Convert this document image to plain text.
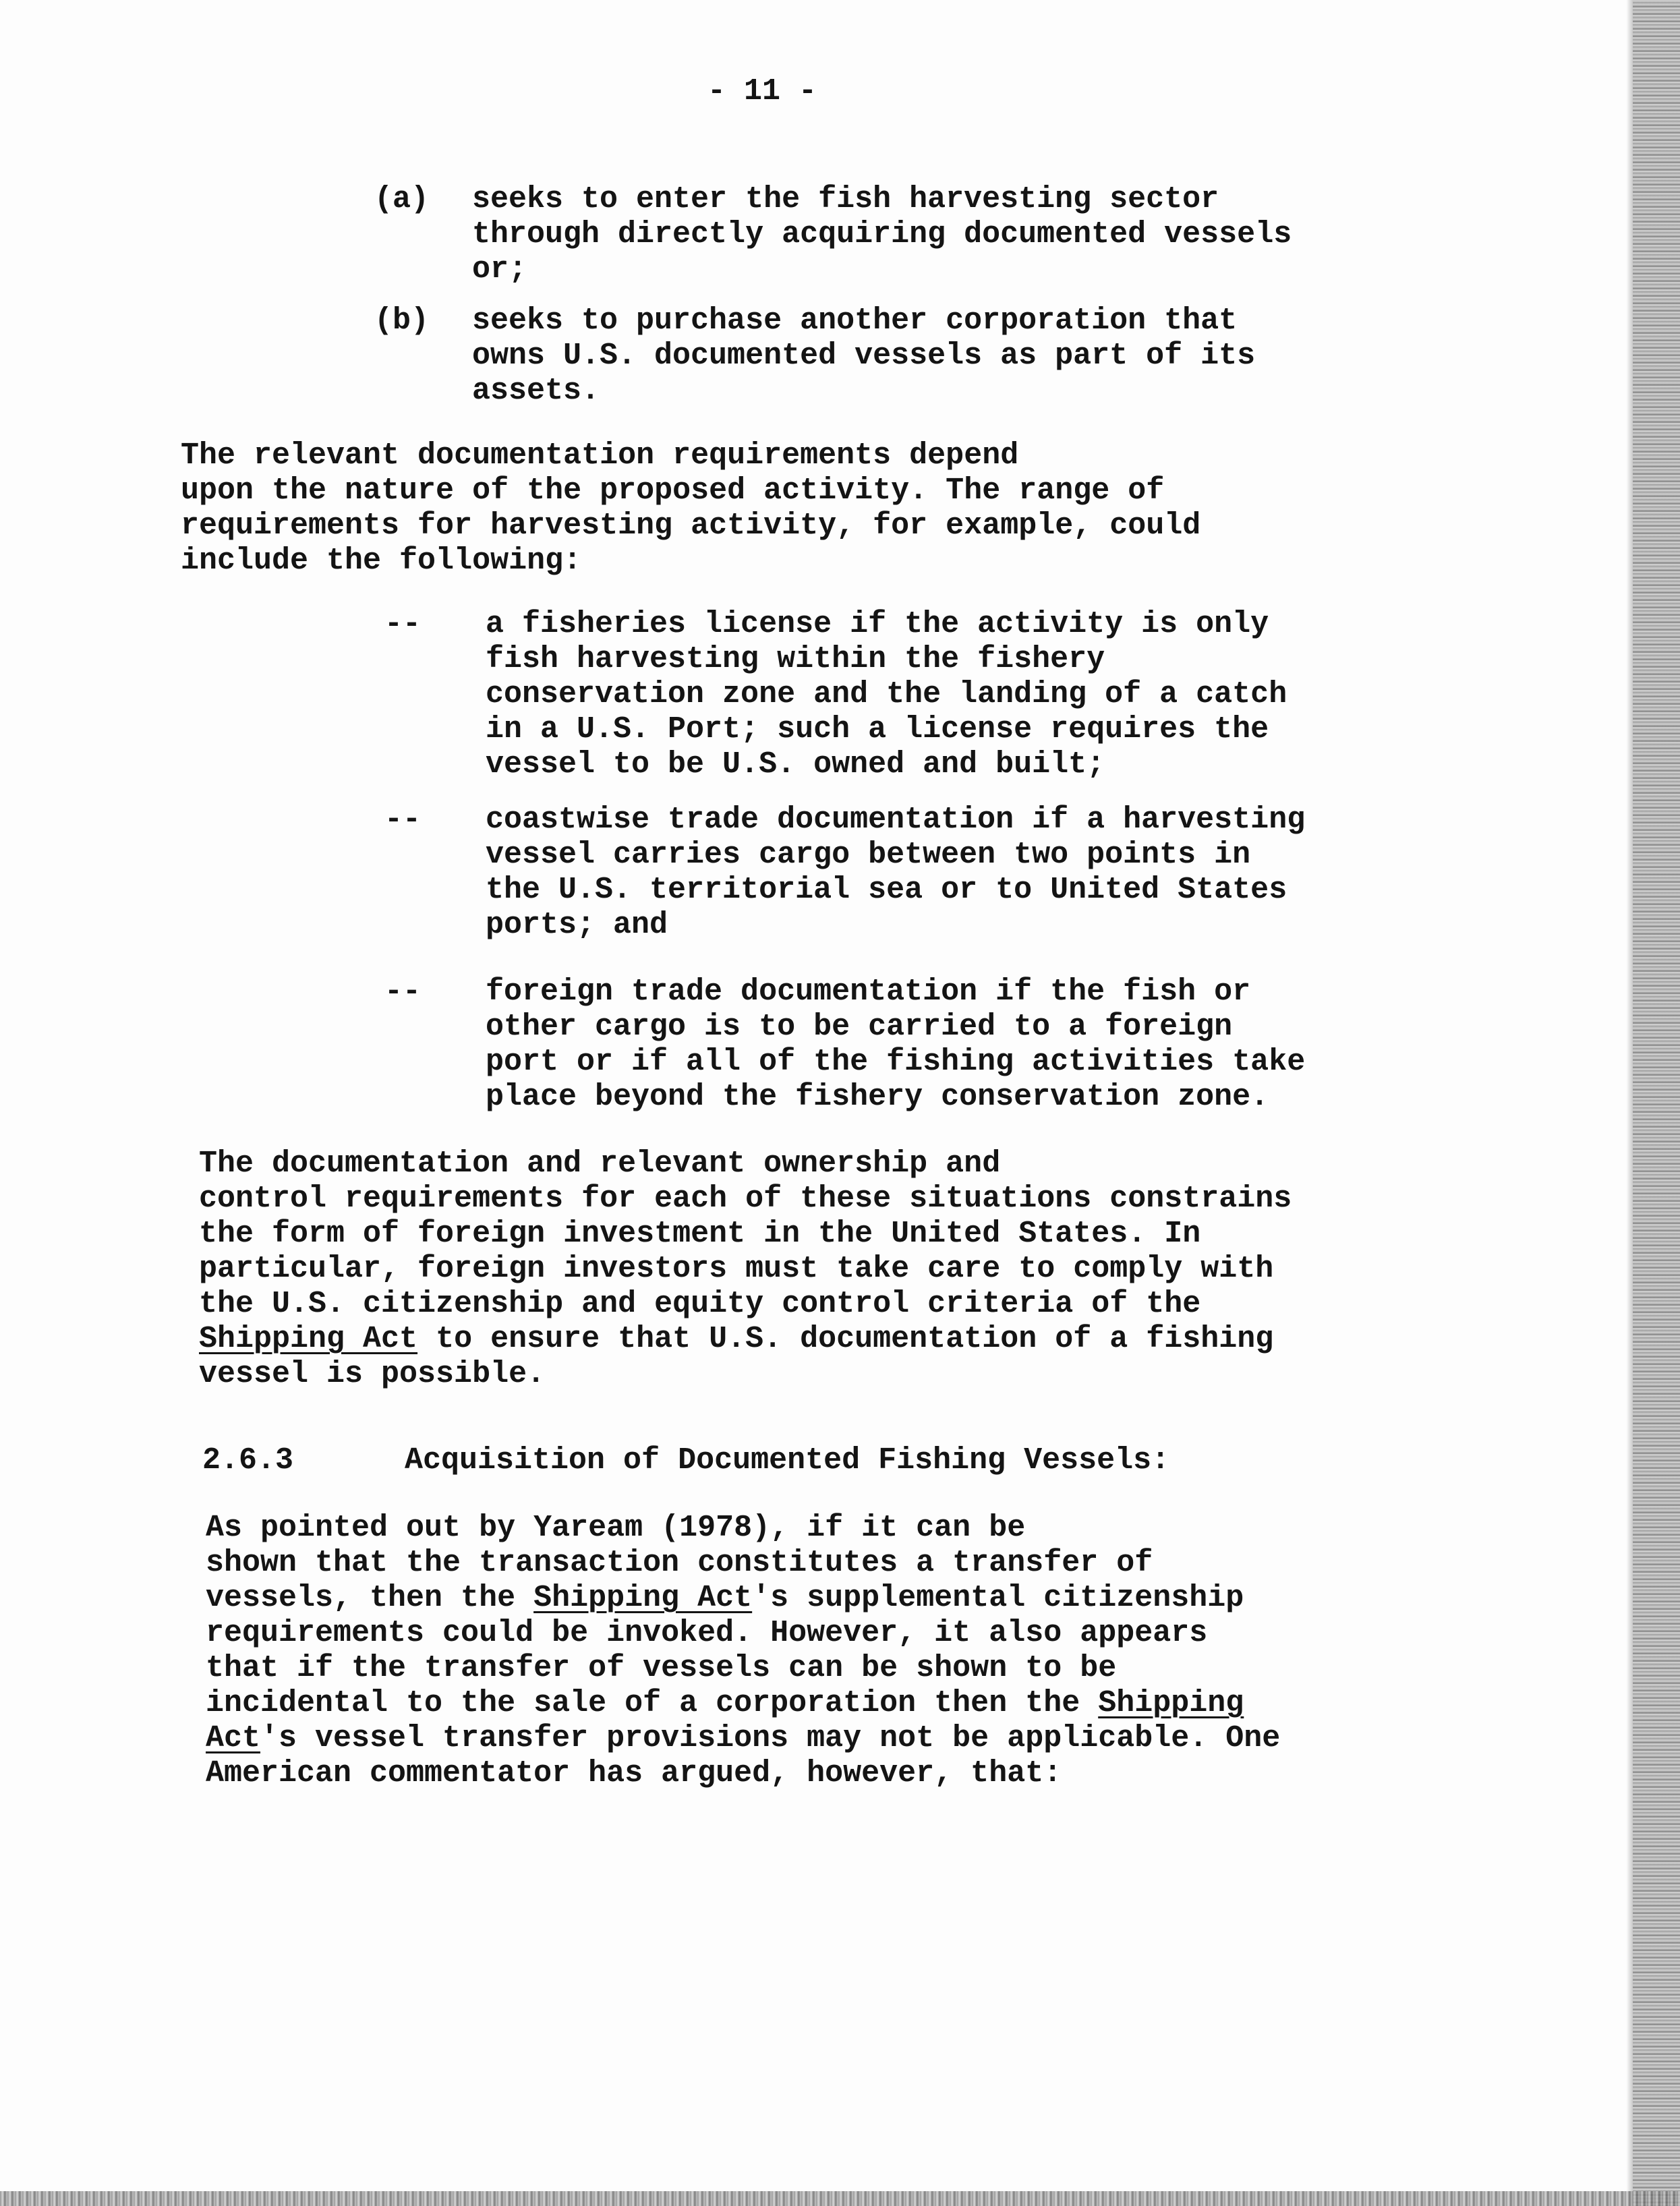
- 11 -
(a) seeks to enter the fish harvesting sector
through directly acquiring documented vessels
or;
(b) seeks to purchase another corporation that
owns U.S. documented vessels as part of its
assets.
The relevant documentation requirements depend
upon the nature of the proposed activity. The range of
requirements for harvesting activity, for example, could
include the following:
-- a fisheries license if the activity is only
fish harvesting within the fishery
conservation zone and the landing of a catch
in a U.S. Port; such a license requires the
vessel to be U.S. owned and built;
-- coastwise trade documentation if a harvesting
vessel carries cargo between two points in
the U.S. territorial sea or to United States
ports; and
-- foreign trade documentation if the fish or
other cargo is to be carried to a foreign
port or if all of the fishing activities take
place beyond the fishery conservation zone.
The documentation and relevant ownership and
control requirements for each of these situations constrains
the form of foreign investment in the United States. In
particular, foreign investors must take care to comply with
the U.S. citizenship and equity control criteria of the
Shipping Act to ensure that U.S. documentation of a fishing
vessel is possible.
2.6.3	Acquisition of Documented Fishing Vessels:
As pointed out by Yaream (1978), if it can be
shown that the transaction constitutes a transfer of
vessels, then the Shipping Act's supplemental citizenship
requirements could be invoked. However, it also appears
that if the transfer of vessels can be shown to be
incidental to the sale of a corporation then the Shipping
Act's vessel transfer provisions may not be applicable. One
American commentator has argued, however, that:
